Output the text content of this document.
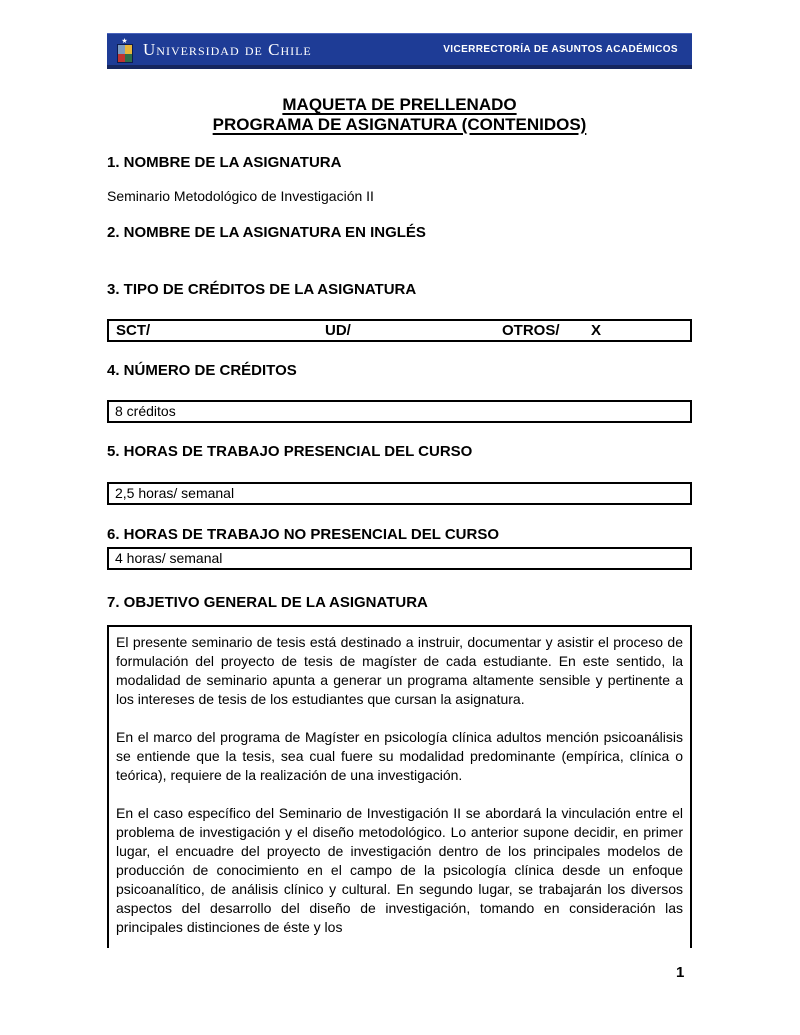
★ Universidad de Chile	VICERRECTORÍA DE ASUNTOS ACADÉMICOS
MAQUETA DE PRELLENADO
PROGRAMA DE ASIGNATURA (CONTENIDOS)
1. NOMBRE DE LA ASIGNATURA
Seminario Metodológico de Investigación II
2. NOMBRE DE LA ASIGNATURA EN INGLÉS
3. TIPO DE CRÉDITOS DE LA ASIGNATURA
SCT/	UD/	OTROS/ X
4. NÚMERO DE CRÉDITOS
8 créditos
5. HORAS DE TRABAJO PRESENCIAL DEL CURSO
2,5 horas/ semanal
6. HORAS DE TRABAJO NO PRESENCIAL DEL CURSO
4 horas/ semanal
7. OBJETIVO GENERAL DE LA ASIGNATURA

El presente seminario de tesis está destinado a instruir, documentar y asistir el proceso de formulación del proyecto de tesis de magíster de cada estudiante. En este sentido, la modalidad de seminario apunta a generar un programa altamente sensible y pertinente a los intereses de tesis de los estudiantes que cursan la asignatura.

En el marco del programa de Magíster en psicología clínica adultos mención psicoanálisis se entiende que la tesis, sea cual fuere su modalidad predominante (empírica, clínica o teórica), requiere de la realización de una investigación.

En el caso específico del Seminario de Investigación II se abordará la vinculación entre el problema de investigación y el diseño metodológico. Lo anterior supone decidir, en primer lugar, el encuadre del proyecto de investigación dentro de los principales modelos de producción de conocimiento en el campo de la psicología clínica desde un enfoque psicoanalítico, de análisis clínico y cultural. En segundo lugar, se trabajarán los diversos aspectos del desarrollo del diseño de investigación, tomando en consideración las principales distinciones de éste y los

1
